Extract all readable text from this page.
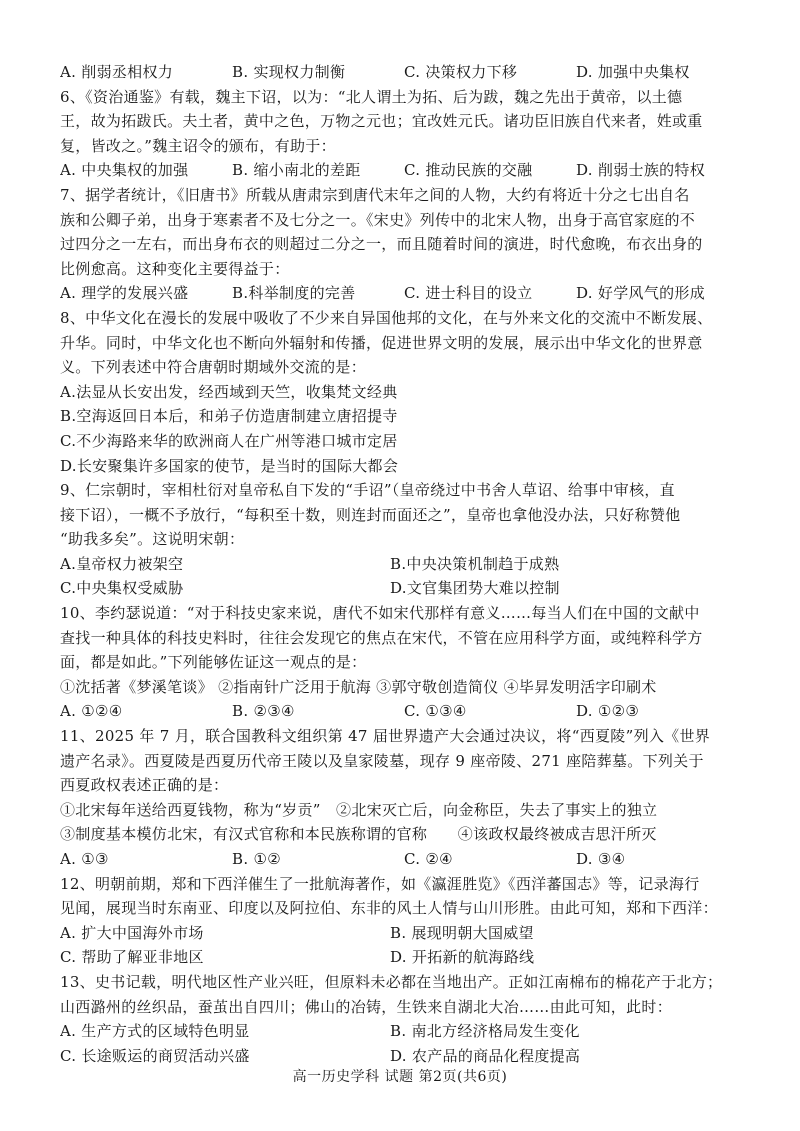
A. 削弱丞相权力	B. 实现权力制衡	C. 决策权力下移	D. 加强中央集权
6、《资治通鉴》有载，魏主下诏，以为：“北人谓土为拓、后为跋，魏之先出于黄帝，以土德
王，故为拓跋氏。夫土者，黄中之色，万物之元也；宜改姓元氏。诸功臣旧族自代来者，姓或重
复，皆改之。”魏主诏令的颁布，有助于：
A. 中央集权的加强	B. 缩小南北的差距	C. 推动民族的交融	D. 削弱士族的特权
7、据学者统计，《旧唐书》所载从唐肃宗到唐代末年之间的人物，大约有将近十分之七出自名
族和公卿子弟，出身于寒素者不及七分之一。《宋史》列传中的北宋人物，出身于高官家庭的不
过四分之一左右，而出身布衣的则超过二分之一，而且随着时间的演进，时代愈晚，布衣出身的
比例愈高。这种变化主要得益于：
A. 理学的发展兴盛	B.科举制度的完善	C. 进士科目的设立	D. 好学风气的形成
8、中华文化在漫长的发展中吸收了不少来自异国他邦的文化，在与外来文化的交流中不断发展、
升华。同时，中华文化也不断向外辐射和传播，促进世界文明的发展，展示出中华文化的世界意
义。下列表述中符合唐朝时期域外交流的是：
A.法显从长安出发，经西域到天竺，收集梵文经典
B.空海返回日本后，和弟子仿造唐制建立唐招提寺
C.不少海路来华的欧洲商人在广州等港口城市定居
D.长安聚集许多国家的使节，是当时的国际大都会
9、仁宗朝时，宰相杜衍对皇帝私自下发的“手诏”（皇帝绕过中书舍人草诏、给事中审核，直
接下诏），一概不予放行，“每积至十数，则连封而面还之”，皇帝也拿他没办法，只好称赞他
“助我多矣”。这说明宋朝：
A.皇帝权力被架空	B.中央决策机制趋于成熟
C.中央集权受威胁	D.文官集团势大难以控制
10、李约瑟说道：“对于科技史家来说，唐代不如宋代那样有意义……每当人们在中国的文献中
查找一种具体的科技史料时，往往会发现它的焦点在宋代，不管在应用科学方面，或纯粹科学方
面，都是如此。”下列能够佐证这一观点的是：
①沈括著《梦溪笔谈》 ②指南针广泛用于航海 ③郭守敬创造简仪 ④毕昇发明活字印刷术
A. ①②④	B. ②③④	C. ①③④	D. ①②③
11、2025 年 7 月，联合国教科文组织第 47 届世界遗产大会通过决议，将“西夏陵”列入《世界
遗产名录》。西夏陵是西夏历代帝王陵以及皇家陵墓，现存 9 座帝陵、271 座陪葬墓。下列关于
西夏政权表述正确的是：
①北宋每年送给西夏钱物，称为“岁贡”　②北宋灭亡后，向金称臣，失去了事实上的独立
③制度基本模仿北宋，有汉式官称和本民族称谓的官称　　④该政权最终被成吉思汗所灭
A. ①③	B. ①②	C. ②④	D. ③④
12、明朝前期，郑和下西洋催生了一批航海著作，如《瀛涯胜览》《西洋蕃国志》等，记录海行
见闻，展现当时东南亚、印度以及阿拉伯、东非的风土人情与山川形胜。由此可知，郑和下西洋：
A. 扩大中国海外市场	B. 展现明朝大国威望
C. 帮助了解亚非地区	D. 开拓新的航海路线
13、史书记载，明代地区性产业兴旺，但原料未必都在当地出产。正如江南棉布的棉花产于北方；
山西潞州的丝织品，蚕茧出自四川；佛山的冶铸，生铁来自湖北大冶……由此可知，此时：
A. 生产方式的区域特色明显	B. 南北方经济格局发生变化
C. 长途贩运的商贸活动兴盛	D. 农产品的商品化程度提高
高一历史学科 试题 第2页(共6页)
